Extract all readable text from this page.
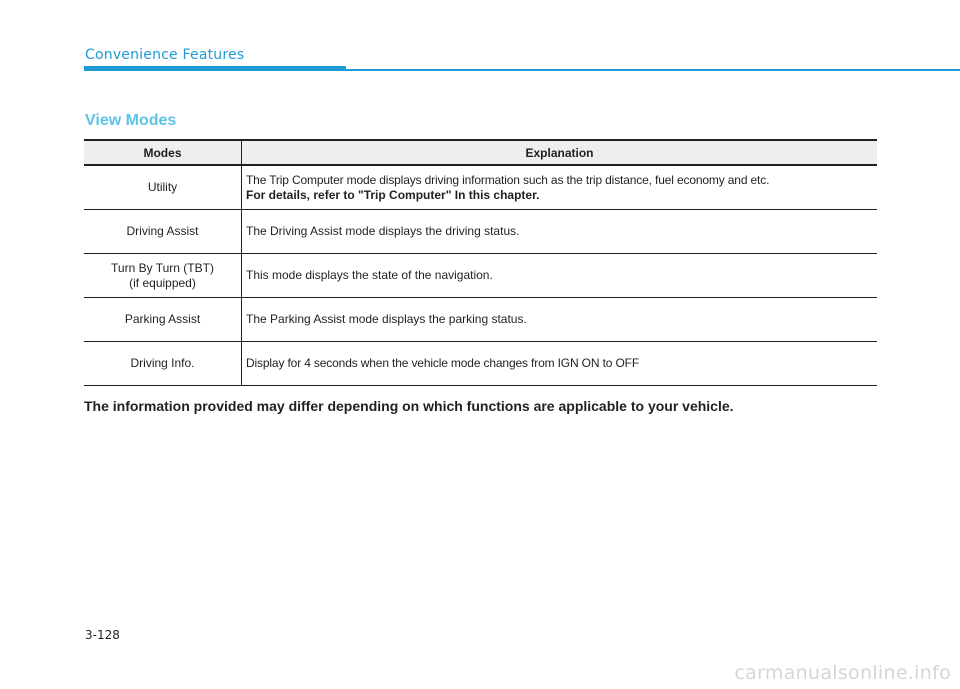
Convenience Features
View Modes
Modes	Explanation

Utility	The Trip Computer mode displays driving information such as the trip distance, fuel economy and etc.
For details, refer to "Trip Computer" In this chapter.

Driving Assist	The Driving Assist mode displays the driving status.

Turn By Turn (TBT)
(if equipped)	This mode displays the state of the navigation.

Parking Assist	The Parking Assist mode displays the parking status.

Driving Info.	Display for 4 seconds when the vehicle mode changes from IGN ON to OFF
The information provided may differ depending on which functions are applicable to your vehicle.
3-128
carmanualsonline.info
